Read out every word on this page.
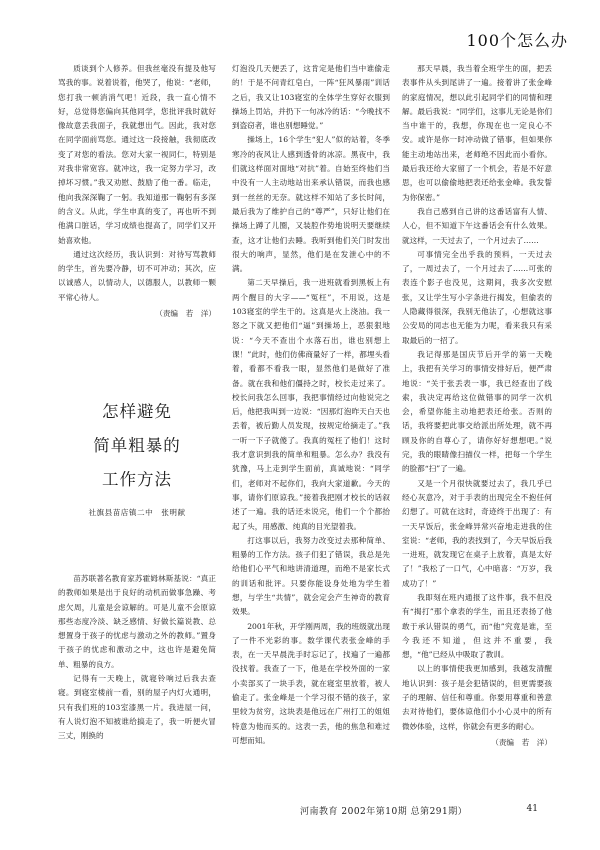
100个怎么办

质谈到个人修养。但我丝毫没有提及他写骂我的事。说着说着，他哭了，他说：“老师，您打我一顿消消气吧！近段，我一直心情不好，总觉得您偏向其他同学，您批评我时就好像故意丢我面子，我就想出气。因此，我对您在同学面前骂您。通过这一段接触，我彻底改变了对您的看法。您对大家一视同仁，特别是对我非常宽容。就冲这，我一定努力学习，改掉坏习惯。”我又劝慰、鼓励了他一番。临走，他向我深深鞠了一躬。我知道那一鞠躬有多深的含义。从此，学生申真的变了，再也听不到他满口脏话，学习成绩也提高了，同学们又开始喜欢他。

通过这次经历，我认识到：对待写骂教师的学生，首先要冷静，切不可冲动；其次，应以诚感人，以情动人，以德服人，以教师一颗平常心待人。

（责编　若　洋）

怎样避免
简单粗暴的
工作方法
社旗县苗店镇二中　张明献

苗苏联著名教育家苏霍姆林斯基说：“真正的教师如果是出于良好的动机而做事急躁、考虑欠周，儿童是会谅解的。可是儿童不会原谅那些态度冷淡、缺乏感情、好做长篇说教、总想置身于孩子的忧虑与激动之外的教师。”置身于孩子的忧虑和激动之中，这也许是避免简单、粗暴的良方。

记得有一天晚上，就寝铃响过后我去查寝。到寝室楼前一看，别的屋子内灯火通明，只有我们班的103室漆黑一片。我进屋一问，有人说灯泡不知被谁给搞走了，我一听便火冒三丈，刚换的

灯泡没几天便丢了，这肯定是他们当中谁偷走的！于是不问青红皂白，一阵“狂风暴雨”训话之后，我又让103寝室的全体学生穿好衣服到操场上罚站，并扔下一句冰冷的话：“今晚找不到盗窃者，谁也别想睡觉。”

操场上，16个学生“犯人”似的站着，冬季寒冷的夜风让人感到透骨的冰凉。黑夜中，我们就这样面对面地“对抗”着。自始至终他们当中没有一人主动地站出来承认错误，而我也感到一丝丝的无奈。就这样不知站了多长时间，最后我为了维护自己的“尊严”，只好让他们在操场上蹲了儿圈，又装腔作势地说明天要继续查，这才让他们去睡。我听到他们关门时发出很大的响声，显然，他们是在发泄心中的不满。

第二天早操后，我一进班就看到黑板上有两个醒目的大字——“冤枉”，不用说，这是103寝室的学生干的。这真是火上浇油。我一怒之下就又把他们“逼”到操场上，恶狠狠地说：“今天不查出个水落石出，谁也别想上课！”此时，他们仿佛商量好了一样，都埋头看着，看都不看我一眼，显然他们是做好了准备。就在我和他们僵持之时，校长走过来了。校长问我怎么回事，我把事情经过向他说完之后，他把我叫到一边说：“因那灯泡昨天白天也丢着，被后勤人员发现，按规定给摘走了。”我一听一下子就傻了。我真的冤枉了他们！这时我才意识到我的简单和粗暴。怎么办？我没有犹豫，马上走到学生面前，真诚地说：“同学们，老师对不起你们，我向大家道歉。今天的事，请你们原谅我。”接着我把刚才校长的话叙述了一遍。我的话还未说完，他们一个个都抬起了头，用感激、纯真的目光望着我。

打这事以后，我努力改变过去那种简单、粗暴的工作方法。孩子们犯了错误，我总是先给他们心平气和地讲清道理，而绝不是家长式的训话和批评。只要你能设身处地为学生着想，与学生“共情”，就会定会产生神奇的教育效果。

2001年秋，开学刚两周，我的班级就出现了一件不光彩的事。数学课代表张金峰的手表，在一天早晨洗手时忘记了，找遍了一遍都没找着。我查了一下，他是在学校外面的一家小卖部买了一块手表，就在寝室里放着，被人偷走了。张金峰是一个学习很不错的孩子，家里较为贫穷，这块表是他远在广州打工的姐姐特意为他而买的。这表一丢，他的焦急和难过可想而知。

那天早晨，我当着全班学生的面，把丢表事件从头到尾讲了一遍。接着讲了张金峰的家庭情况，想以此引起同学们的同情和理解。最后我说：“同学们，这事儿无论是你们当中谁干的，我想，你现在也一定良心不安。或许是你一时冲动做了错事，但如果你能主动地站出来，老师绝不因此而小看你。最后我还给大家留了一个机会，若是不好意思，也可以偷偷地把表还给张金峰。我发誓为你保密。”

我自己感到自己讲的这番话富有人情、人心，但不知道下午这番话会有什么效果。就这样，一天过去了，一个月过去了……

可事情完全出乎我的预料，一天过去了，一周过去了，一个月过去了……可张的表连个影子也没见，这期间，我多次安慰张，又让学生写小字条进行揭发，但偷表的人隐藏得很深，我别无他法了，心想就这事公安局的同志也无能为力呢，看来我只有采取最后的一招了。

我记得那是国庆节后开学的第一天晚上，我把有关学习的事情安排好后，便严肃地说：“关于张丢表一事，我已经查出了线索，我决定再给这位做错事的同学一次机会，希望你能主动地把表还给张。否则的话，我将要把此事交给派出所处理，就不再顾及你的自尊心了，请你好好想想吧。”说完，我的眼睛像扫描仪一样，把每一个学生的脸都“扫”了一遍。

又是一个月很快就要过去了，我几乎已经心灰意冷，对于手表的出现完全不抱任何幻想了。可就在这时，奇迹终于出现了：有一天早饭后，张金峰异常兴奋地走进我的住室说：“老师，我的表找到了，今天早饭后我一进班，就发现它在桌子上放着，真是太好了！”我松了一口气，心中暗喜：“万岁，我成功了！”

我即刻在班内通报了这件事，我不但没有“揭打”那个拿表的学生，而且还表扬了他敢于承认错误的勇气，而“他”究竟是谁，至今我还不知道，但这并不重要，我想，“他”已经从中吸取了教训。

以上的事情使我更加感到，我越发清醒地认识到：孩子是会犯错误的，但更需要孩子的理解、信任和尊重。你要用尊重和善意去对待他们，要体谅他们小小心灵中的所有微妙体验，这样，你就会有更多的耐心。

（责编　若　洋）

河南教育 2002年第10期 总第291期）	41
